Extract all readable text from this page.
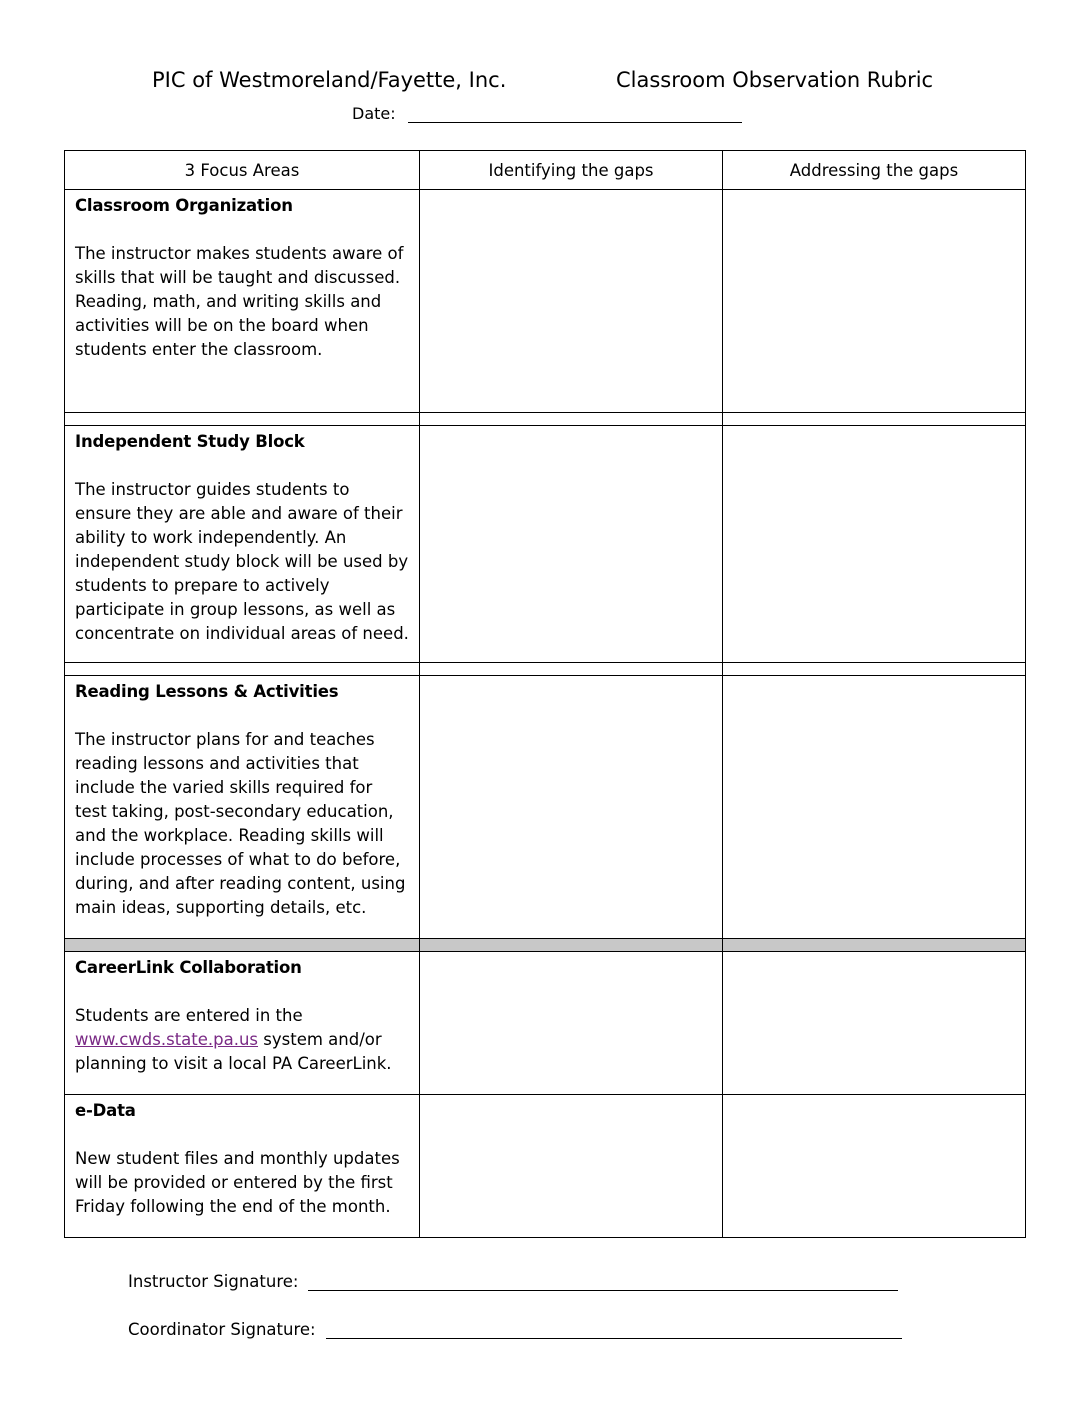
PIC of Westmoreland/Fayette, Inc.	Classroom Observation Rubric
Date:
3 Focus Areas	Identifying the gaps	Addressing the gaps

Classroom Organization
The instructor makes students aware of skills that will be taught and discussed. Reading, math, and writing skills and activities will be on the board when students enter the classroom.		

Independent Study Block
The instructor guides students to ensure they are able and aware of their ability to work independently. An independent study block will be used by students to prepare to actively participate in group lessons, as well as concentrate on individual areas of need.		

Reading Lessons & Activities
The instructor plans for and teaches reading lessons and activities that include the varied skills required for test taking, post-secondary education, and the workplace. Reading skills will include processes of what to do before, during, and after reading content, using main ideas, supporting details, etc.		

CareerLink Collaboration
Students are entered in the
www.cwds.state.pa.us system and/or planning to visit a local PA CareerLink.		

e-Data
New student files and monthly updates will be provided or entered by the first Friday following the end of the month.		

Instructor Signature:
Coordinator Signature:
